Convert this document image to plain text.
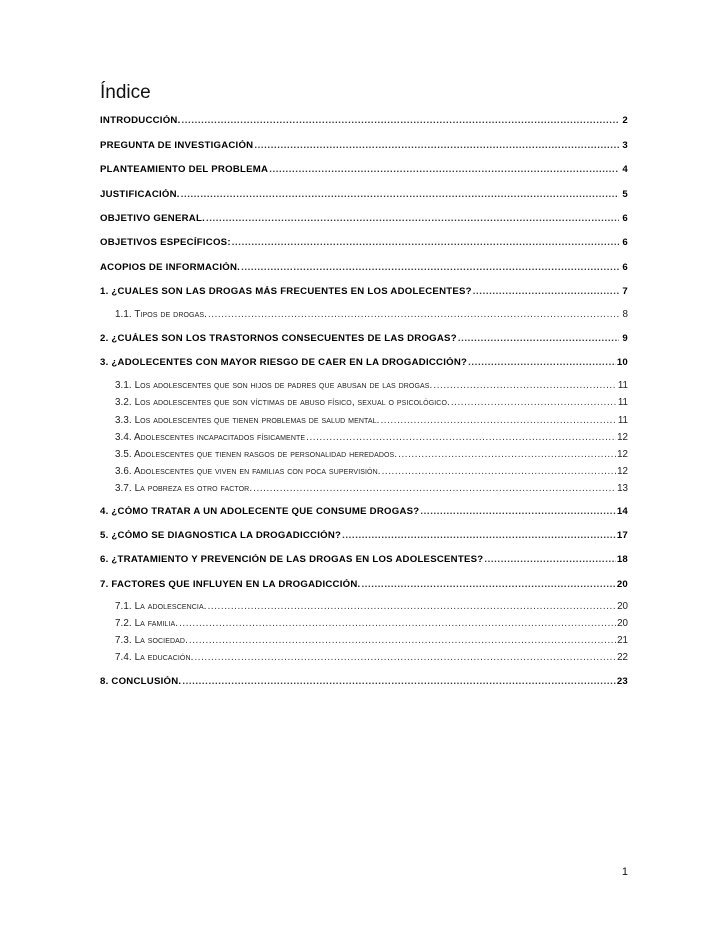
Índice
INTRODUCCIÓN. .....	2
PREGUNTA DE INVESTIGACIÓN .....	3
PLANTEAMIENTO DEL PROBLEMA .....	4
JUSTIFICACIÓN. .....	5
OBJETIVO GENERAL. .....	6
OBJETIVOS ESPECÍFICOS: .....	6
ACOPIOS DE INFORMACIÓN. .....	6
1. ¿CUALES SON LAS DROGAS MÁS FRECUENTES EN LOS ADOLECENTES? .....	7
1.1. Tipos de drogas. .....	8
2. ¿CUÁLES SON LOS TRASTORNOS CONSECUENTES DE LAS DROGAS? .....	9
3. ¿ADOLECENTES CON MAYOR RIESGO DE CAER EN LA DROGADICCIÓN? .....	10
3.1. Los adolescentes que son hijos de padres que abusan de las drogas. .....	11
3.2. Los adolescentes que son víctimas de abuso físico, sexual o psicológico. .....	11
3.3. Los adolescentes que tienen problemas de salud mental. .....	11
3.4. Adolescentes incapacitados físicamente .....	12
3.5. Adolescentes que tienen rasgos de personalidad heredados. .....	12
3.6. Adolescentes que viven en familias con poca supervisión. .....	12
3.7. La pobreza es otro factor. .....	13
4. ¿CÓMO TRATAR A UN ADOLECENTE QUE CONSUME DROGAS? .....	14
5. ¿CÓMO SE DIAGNOSTICA LA DROGADICCIÓN? .....	17
6. ¿TRATAMIENTO Y PREVENCIÓN DE LAS DROGAS EN LOS ADOLESCENTES? .....	18
7. FACTORES QUE INFLUYEN EN LA DROGADICCIÓN. .....	20
7.1. La adolescencia. .....	20
7.2. La familia. .....	20
7.3. La sociedad. .....	21
7.4. La educación. .....	22
8. CONCLUSIÓN. .....	23
1
